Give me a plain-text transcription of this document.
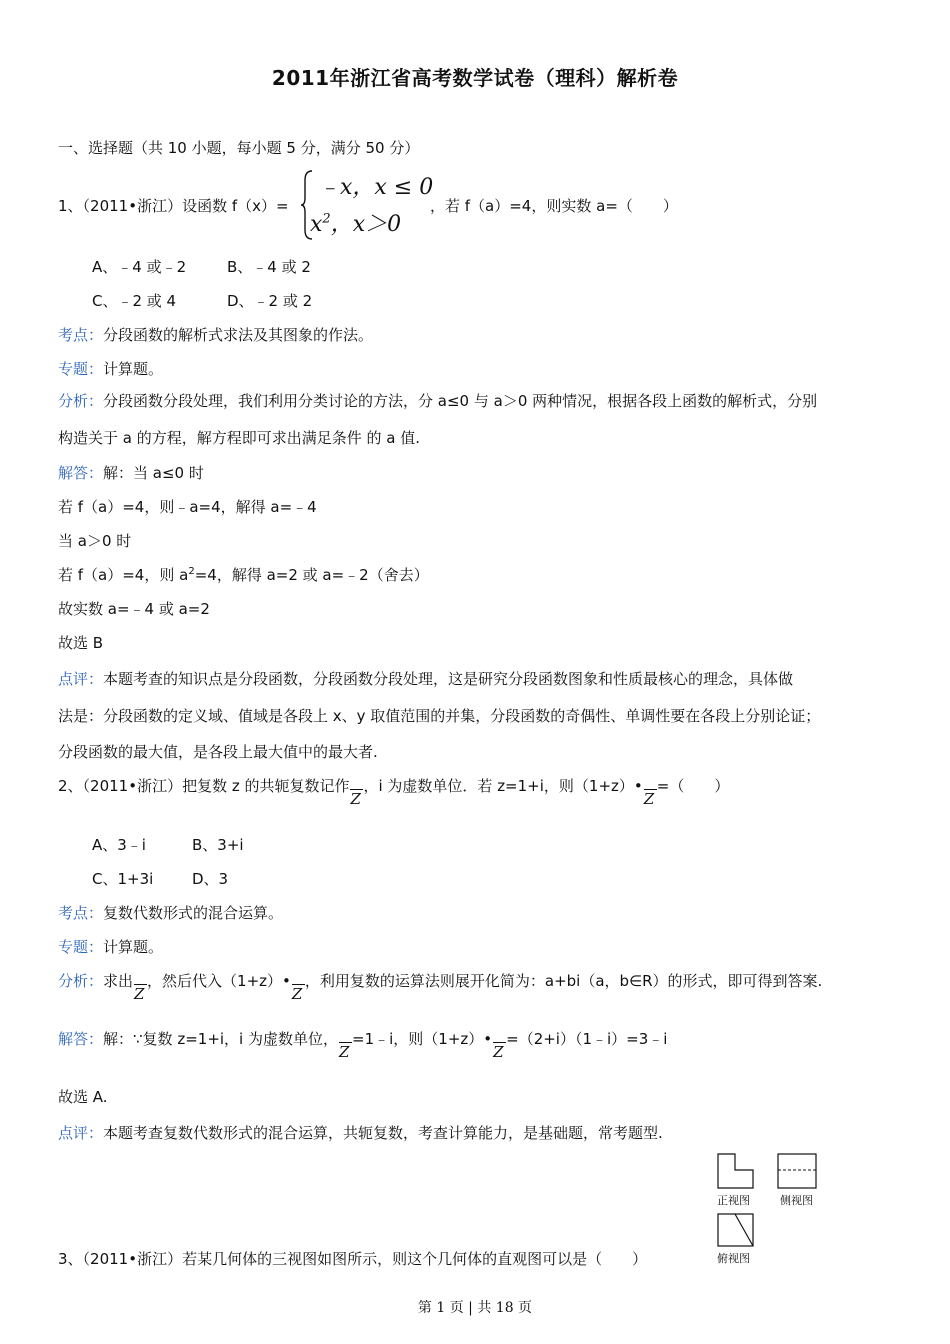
2011年浙江省高考数学试卷（理科）解析卷
一、选择题（共 10 小题，每小题 5 分，满分 50 分）
1、（2011•浙江）设函数 f（x）=
﹣x，x ≤ 0
$x^2$，x＞0
，若 f（a）=4，则实数 a=（　　）
A、﹣4 或﹣2	B、﹣4 或 2
C、﹣2 或 4	D、﹣2 或 2
考点：分段函数的解析式求法及其图象的作法。
专题：计算题。
分析：分段函数分段处理，我们利用分类讨论的方法，分 a≤0 与 a＞0 两种情况，根据各段上函数的解析式，分别
构造关于 a 的方程，解方程即可求出满足条件 的 a 值.
解答：解：当 a≤0 时
若 f（a）=4，则﹣a=4，解得 a=﹣4
当 a＞0 时
若 f（a）=4，则 $a^2=4$，解得 a=2 或 a=﹣2（舍去）
故实数 a=﹣4 或 a=2
故选 B
点评：本题考查的知识点是分段函数，分段函数分段处理，这是研究分段函数图象和性质最核心的理念，具体做
法是：分段函数的定义域、值域是各段上 x、y 取值范围的并集，分段函数的奇偶性、单调性要在各段上分别论证；
分段函数的最大值，是各段上最大值中的最大者.
2、（2011•浙江）把复数 z 的共轭复数记作
Z
，i 为虚数单位．若 z=1+i，则（1+z）•
Z
=（　　）
A、3﹣i	B、3+i
C、1+3i	D、3
考点：复数代数形式的混合运算。
专题：计算题。
分析：求出
Z
，然后代入（1+z）•
Z
，利用复数的运算法则展开化简为：a+bi（a，b∈R）的形式，即可得到答案.
解答：解：∵复数 z=1+i，i 为虚数单位，
Z
=1﹣i，则（1+z）•
Z
=（2+i）（1﹣i）=3﹣i
故选 A.
点评：本题考查复数代数形式的混合运算，共轭复数，考查计算能力，是基础题，常考题型.
正视图	侧视图
俯视图
3、（2011•浙江）若某几何体的三视图如图所示，则这个几何体的直观图可以是（　　）
第 1 页 | 共 18 页
